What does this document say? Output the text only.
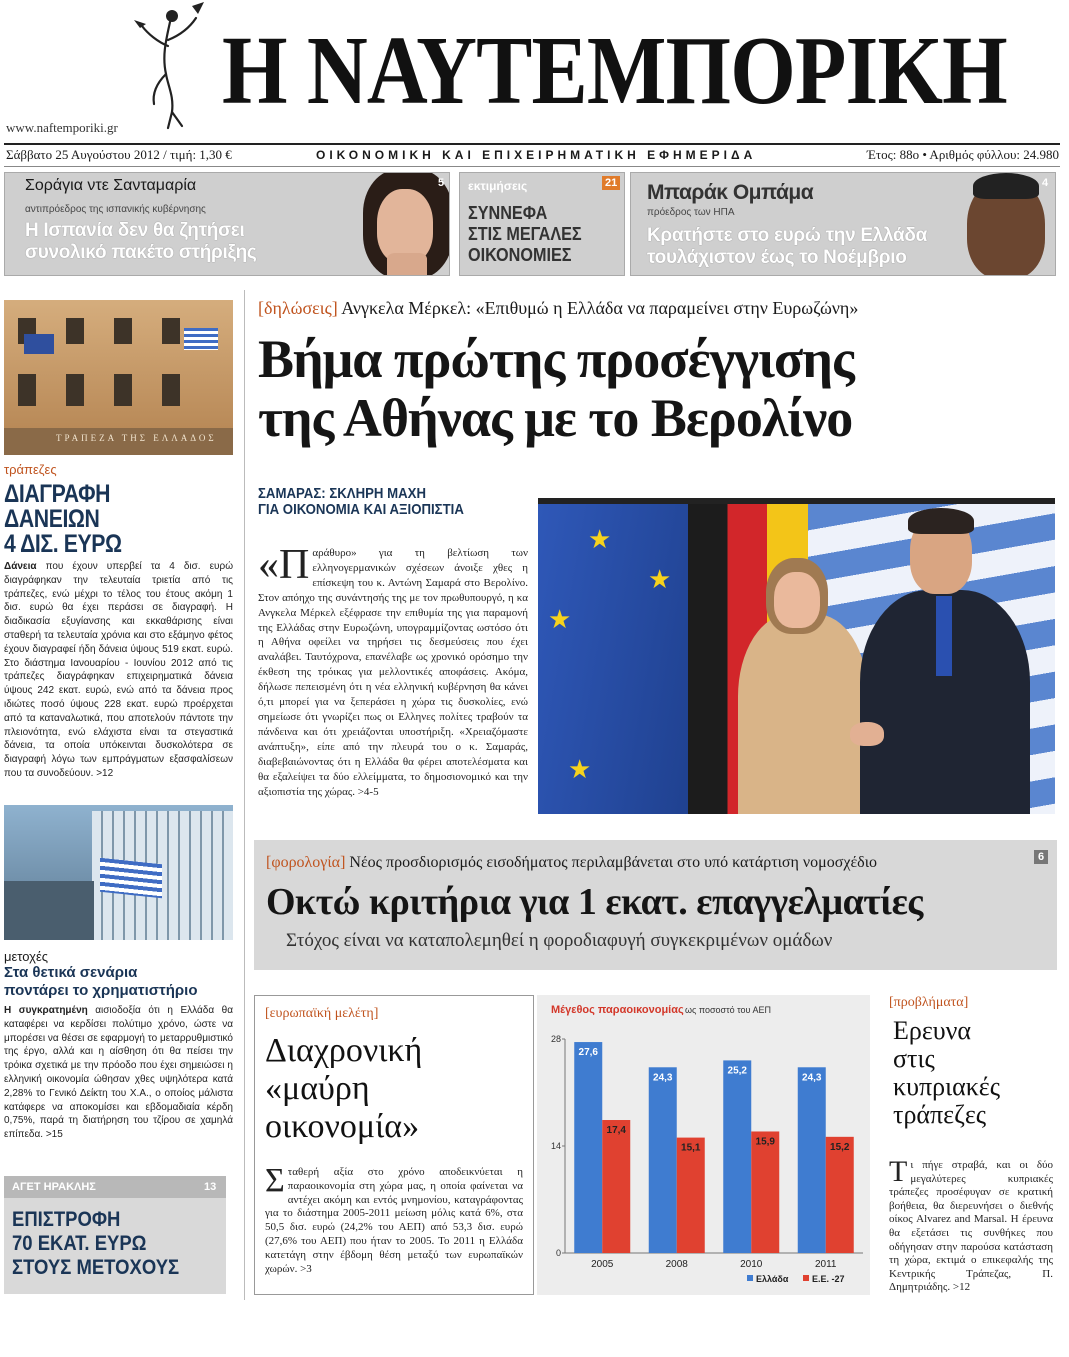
Η ΝΑΥΤΕΜΠΟΡΙΚΗ
www.naftemporiki.gr
Σάββατο 25 Αυγούστου 2012 / τιμή: 1,30 €	ΟΙΚΟΝΟΜΙΚΗ ΚΑΙ ΕΠΙΧΕΙΡΗΜΑΤΙΚΗ ΕΦΗΜΕΡΙΔΑ	Έτος: 88ο • Αριθμός φύλλου: 24.980
Σοράγια ντε Σανταμαρία
αντιπρόεδρος της ισπανικής κυβέρνησης
Η Ισπανία δεν θα ζητήσει
συνολικό πακέτο στήριξης
5 εκτιμήσεις	21
ΣΥΝΝΕΦΑ
ΣΤΙΣ ΜΕΓΑΛΕΣ
ΟΙΚΟΝΟΜΙΕΣ
Μπαράκ Ομπάμα
πρόεδρος των ΗΠΑ
Κρατήστε στο ευρώ την Ελλάδα
τουλάχιστον έως το Νοέμβριο
4
ΤΡΑΠΕΖΑ ΤΗΣ ΕΛΛΑΔΟΣ
τράπεζες
ΔΙΑΓΡΑΦΗ
ΔΑΝΕΙΩΝ
4 ΔΙΣ. ΕΥΡΩ
Δάνεια που έχουν υπερβεί τα 4 δισ. ευρώ διαγράφηκαν την τελευταία τριετία από τις τράπεζες, ενώ μέχρι το τέλος του έτους ακόμη 1 δισ. ευρώ θα έχει περάσει σε διαγραφή. Η διαδικασία εξυγίανσης και εκκαθάρισης είναι σταθερή τα τελευταία χρόνια και στο εξάμηνο φέτος έχουν διαγραφεί ήδη δάνεια ύψους 519 εκατ. ευρώ. Στο διάστημα Ιανουαρίου - Ιουνίου 2012 από τις τράπεζες διαγράφηκαν επιχειρηματικά δάνεια ύψους 242 εκατ. ευρώ, ενώ από τα δάνεια προς ιδιώτες ποσό ύψους 228 εκατ. ευρώ προέρχεται από τα καταναλωτικά, που αποτελούν πάντοτε την πλειονότητα, ενώ ελάχιστα είναι τα στεγαστικά δάνεια, τα οποία υπόκεινται δυσκολότερα σε διαγραφή λόγω των εμπράγματων εξασφαλίσεων που τα συνοδεύουν. >12
μετοχές
Στα θετικά σενάρια
ποντάρει το χρηματιστήριο
Η συγκρατημένη αισιοδοξία ότι η Ελλάδα θα καταφέρει να κερδίσει πολύτιμο χρόνο, ώστε να μπορέσει να θέσει σε εφαρμογή το μεταρρυθμιστικό της έργο, αλλά και η αίσθηση ότι θα πείσει την τρόικα σχετικά με την πρόοδο που έχει σημειώσει η ελληνική οικονομία ώθησαν χθες υψηλότερα κατά 2,28% το Γενικό Δείκτη του Χ.Α., ο οποίος μάλιστα κατάφερε να αποκομίσει και εβδομαδιαία κέρδη 0,75%, παρά τη διατήρηση του τζίρου σε χαμηλά επίπεδα. >15
ΑΓΕΤ ΗΡΑΚΛΗΣ	13
ΕΠΙΣΤΡΟΦΗ
70 ΕΚΑΤ. ΕΥΡΩ
ΣΤΟΥΣ ΜΕΤΟΧΟΥΣ
[δηλώσεις] Ανγκελα Μέρκελ: «Επιθυμώ η Ελλάδα να παραμείνει στην Ευρωζώνη»
Βήμα πρώτης προσέγγισης
της Αθήνας με το Βερολίνο
ΣΑΜΑΡΑΣ: ΣΚΛΗΡΗ ΜΑΧΗ
ΓΙΑ ΟΙΚΟΝΟΜΙΑ ΚΑΙ ΑΞΙΟΠΙΣΤΙΑ
«Παράθυρο» για τη βελτίωση των ελληνογερμανικών σχέσεων άνοιξε χθες η επίσκεψη του κ. Αντώνη Σαμαρά στο Βερολίνο. Στον απόηχο της συνάντησής της με τον πρωθυπουργό, η κα Ανγκελα Μέρκελ εξέφρασε την επιθυμία της για παραμονή της Ελλάδας στην Ευρωζώνη, υπογραμμίζοντας ωστόσο ότι η Αθήνα οφείλει να τηρήσει τις δεσμεύσεις που έχει αναλάβει. Ταυτόχρονα, επανέλαβε ως χρονικό ορόσημο την έκθεση της τρόικας για μελλοντικές αποφάσεις. Ακόμα, δήλωσε πεπεισμένη ότι η νέα ελληνική κυβέρνηση θα κάνει ό,τι μπορεί για να ξεπεράσει η χώρα τις δυσκολίες, ενώ σημείωσε ότι γνωρίζει πως οι Ελληνες πολίτες τραβούν τα πάνδεινα και ότι χρειάζονται υποστήριξη. «Χρειαζόμαστε ανάπτυξη», είπε από την πλευρά του ο κ. Σαμαράς, διαβεβαιώνοντας ότι η Ελλάδα θα φέρει αποτελέσματα και θα εξαλείψει τα δύο ελλείμματα, το δημοσιονομικό και την αξιοπιστία της χώρας. >4-5
★
★
★
★
[φορολογία] Νέος προσδιορισμός εισοδήματος περιλαμβάνεται στο υπό κατάρτιση νομοσχέδιο	6
Οκτώ κριτήρια για 1 εκατ. επαγγελματίες
Στόχος είναι να καταπολεμηθεί η φοροδιαφυγή συγκεκριμένων ομάδων
[ευρωπαϊκή μελέτη]
Διαχρονική
«μαύρη
οικονομία»
Σταθερή αξία στο χρόνο αποδεικνύεται η παραοικονομία στη χώρα μας, η οποία φαίνεται να αντέχει ακόμη και εντός μνημονίου, καταγράφοντας για το διάστημα 2005-2011 μείωση μόλις κατά 6%, στα 50,5 δισ. ευρώ (24,2% του ΑΕΠ) από 53,3 δισ. ευρώ (27,6% του ΑΕΠ) που ήταν το 2005. Το 2011 η Ελλάδα κατετάγη στην έβδομη θέση μεταξύ των ευρωπαϊκών χωρών. >3
Μέγεθος παραοικονομίας ως ποσοστό του ΑΕΠ
0
14
28
27,6
17,4
2005
24,3
15,1
2008
25,2
15,9
2010
24,3
15,2
2011
Ελλάδα	Ε.Ε. -27
[προβλήματα]
Ερευνα
στις
κυπριακές
τράπεζες
Τι πήγε στραβά, και οι δύο μεγαλύτερες κυπριακές τράπεζες προσέφυγαν σε κρατική βοήθεια, θα διερευνήσει ο διεθνής οίκος Alvarez and Marsal. Η έρευνα θα εξετάσει τις συνθήκες που οδήγησαν στην παρούσα κατάσταση τη χώρα, εκτιμά ο επικεφαλής της Κεντρικής Τράπεζας, Π. Δημητριάδης. >12
